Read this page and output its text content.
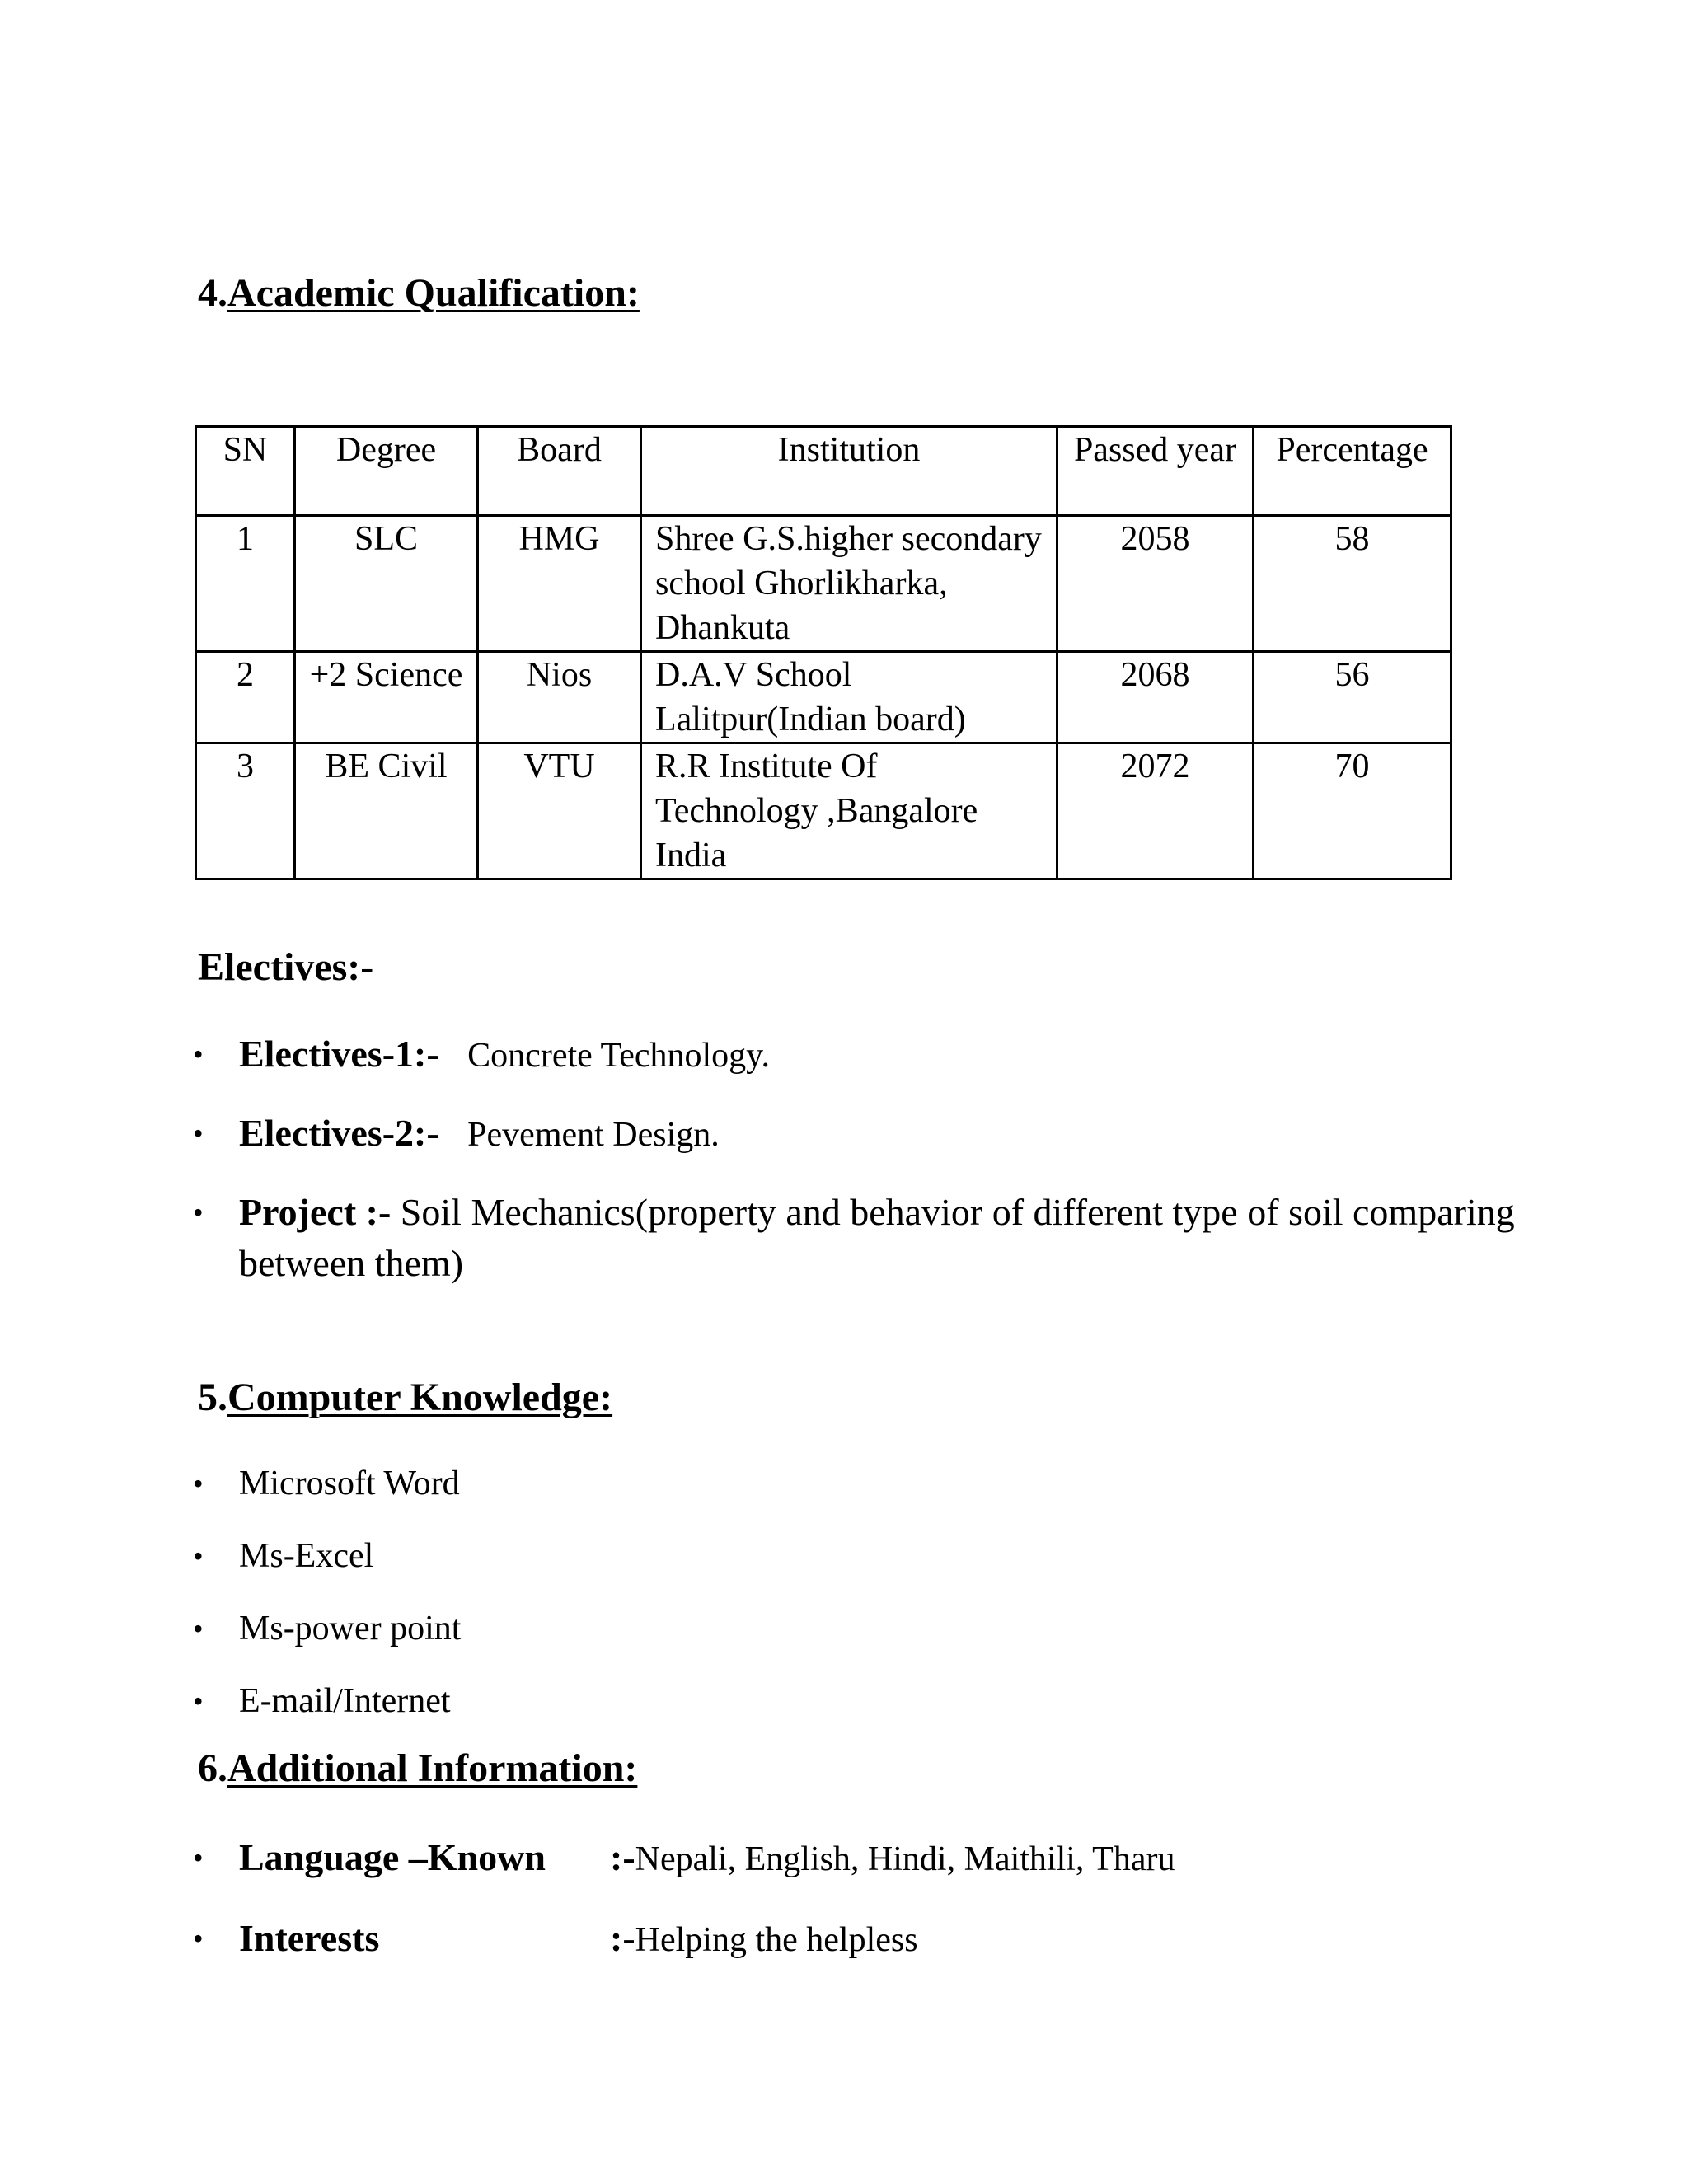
4.Academic Qualification:
SN	Degree	Board	Institution	Passed year	Percentage
1	SLC	HMG	Shree G.S.higher secondary school Ghorlikharka, Dhankuta	2058	58
2	+2 Science	Nios	D.A.V School Lalitpur(Indian board)	2068	56
3	BE Civil	VTU	R.R Institute Of Technology ,Bangalore India	2072	70
Electives:-
• Electives-1:- Concrete Technology.
• Electives-2:- Pevement Design.
• Project :- Soil Mechanics(property and behavior of different type of soil comparing between them)
5.Computer Knowledge:
• Microsoft Word
• Ms-Excel
• Ms-power point
• E-mail/Internet
6.Additional Information:
• Language –Known :-Nepali, English, Hindi, Maithili, Tharu
• Interests	:-Helping the helpless
